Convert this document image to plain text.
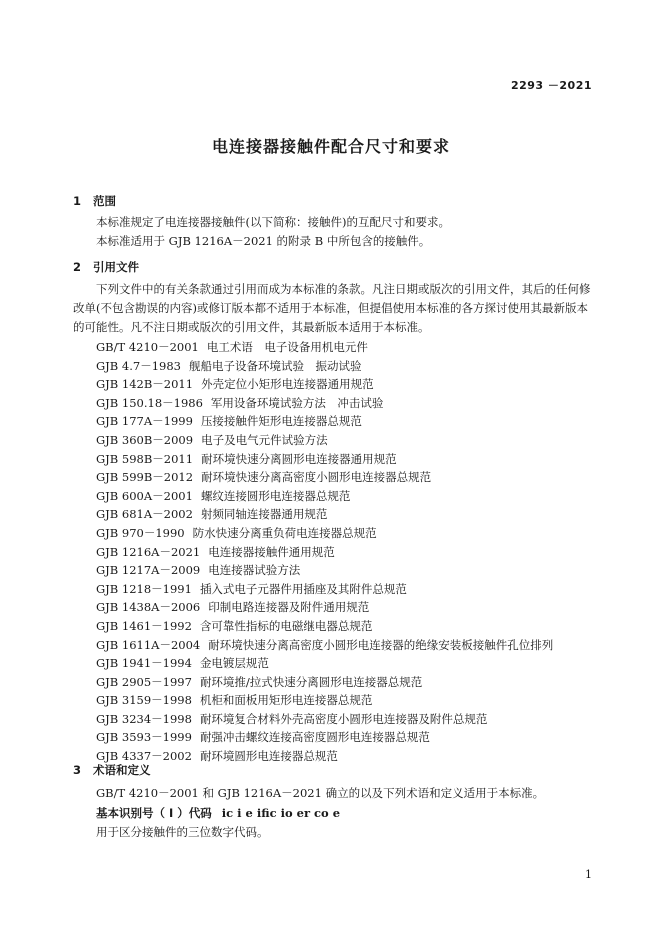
2293 －2021
电连接器接触件配合尺寸和要求
1 范围
本标准规定了电连接器接触件(以下简称：接触件)的互配尺寸和要求。
本标准适用于 GJB 1216A－2021 的附录 B 中所包含的接触件。
2 引用文件
下列文件中的有关条款通过引用而成为本标准的条款。凡注日期或版次的引用文件，其后的任何修改单(不包含勘误的内容)或修订版本都不适用于本标准，但提倡使用本标准的各方探讨使用其最新版本的可能性。凡不注日期或版次的引用文件，其最新版本适用于本标准。
GB/T 4210－2001 电工术语　电子设备用机电元件
GJB 4.7－1983 舰船电子设备环境试验　振动试验
GJB 142B－2011 外壳定位小矩形电连接器通用规范
GJB 150.18－1986 军用设备环境试验方法　冲击试验
GJB 177A－1999 压接接触件矩形电连接器总规范
GJB 360B－2009 电子及电气元件试验方法
GJB 598B－2011 耐环境快速分离圆形电连接器通用规范
GJB 599B－2012 耐环境快速分离高密度小圆形电连接器总规范
GJB 600A－2001 螺纹连接圆形电连接器总规范
GJB 681A－2002 射频同轴连接器通用规范
GJB 970－1990 防水快速分离重负荷电连接器总规范
GJB 1216A－2021 电连接器接触件通用规范
GJB 1217A－2009 电连接器试验方法
GJB 1218－1991 插入式电子元器件用插座及其附件总规范
GJB 1438A－2006 印制电路连接器及附件通用规范
GJB 1461－1992 含可靠性指标的电磁继电器总规范
GJB 1611A－2004 耐环境快速分离高密度小圆形电连接器的绝缘安装板接触件孔位排列
GJB 1941－1994 金电镀层规范
GJB 2905－1997 耐环境推/拉式快速分离圆形电连接器总规范
GJB 3159－1998 机柜和面板用矩形电连接器总规范
GJB 3234－1998 耐环境复合材料外壳高密度小圆形电连接器及附件总规范
GJB 3593－1999 耐强冲击螺纹连接高密度圆形电连接器总规范
GJB 4337－2002 耐环境圆形电连接器总规范
3 术语和定义
GB/T 4210－2001 和 GJB 1216A－2021 确立的以及下列术语和定义适用于本标准。
基本识别号（ I ）代码 ic i e ific io er co e
用于区分接触件的三位数字代码。
1
